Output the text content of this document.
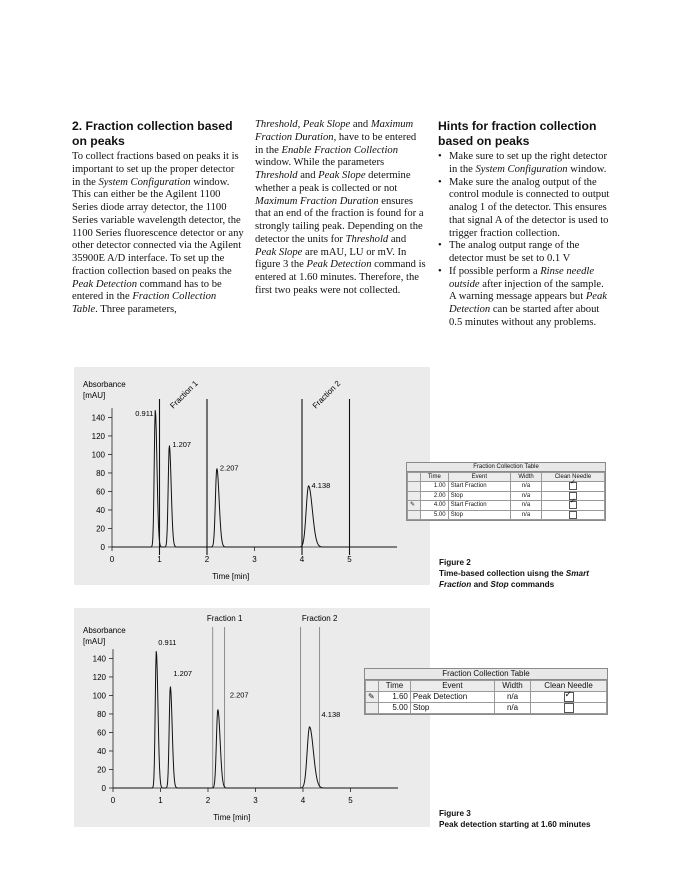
2. Fraction collection based on peaks

To collect fractions based on peaks it is important to set up the proper detector in the System Configuration window. This can either be the Agilent 1100 Series diode array detector, the 1100 Series variable wavelength detector, the 1100 Series fluorescence detector or any other detector connected via the Agilent 35900E A/D interface. To set up the fraction collection based on peaks the Peak Detection command has to be entered in the Fraction Collection Table. Three parameters,

Threshold, Peak Slope and Maximum Fraction Duration, have to be entered in the Enable Fraction Collection window. While the parameters Threshold and Peak Slope determine whether a peak is collected or not Maximum Fraction Duration ensures that an end of the fraction is found for a strongly tailing peak. Depending on the detector the units for Threshold and Peak Slope are mAU, LU or mV. In figure 3 the Peak Detection command is entered at 1.60 minutes. Therefore, the first two peaks were not collected.

Hints for fraction collection based on peaks
• Make sure to set up the right detector in the System Configuration window.
• Make sure the analog output of the control module is connected to output analog 1 of the detector. This ensures that signal A of the detector is used to trigger fraction collection.
• The analog output range of the detector must be set to 0.1 V
• If possible perform a Rinse needle outside after injection of the sample. A warning message appears but Peak Detection can be started after about 0.5 minutes without any problems.
Absorbance
[mAU]
0
20
40
60
80
100
120
140
0	1	2	3	4	5
Time [min]
Fraction 1	Fraction 2
0.911
1.207
2.207
4.138
Fraction Collection Table
	Time	Event	Width	Clean Needle
	1.00	Start Fraction	n/a	✓
	2.00	Stop	n/a	
✎	4.00	Start Fraction	n/a	✓
	5.00	Stop	n/a	
Figure 2
Time-based collection uisng the Smart Fraction and Stop commands
Absorbance
[mAU]
0
20
40
60
80
100
120
140
0	1	2	3	4	5
Time [min]
Fraction 1	Fraction 2
0.911
1.207
2.207
4.138
Fraction Collection Table
	Time	Event	Width	Clean Needle
✎	1.60	Peak Detection	n/a	✓
	5.00	Stop	n/a	
Figure 3
Peak detection starting at 1.60 minutes
